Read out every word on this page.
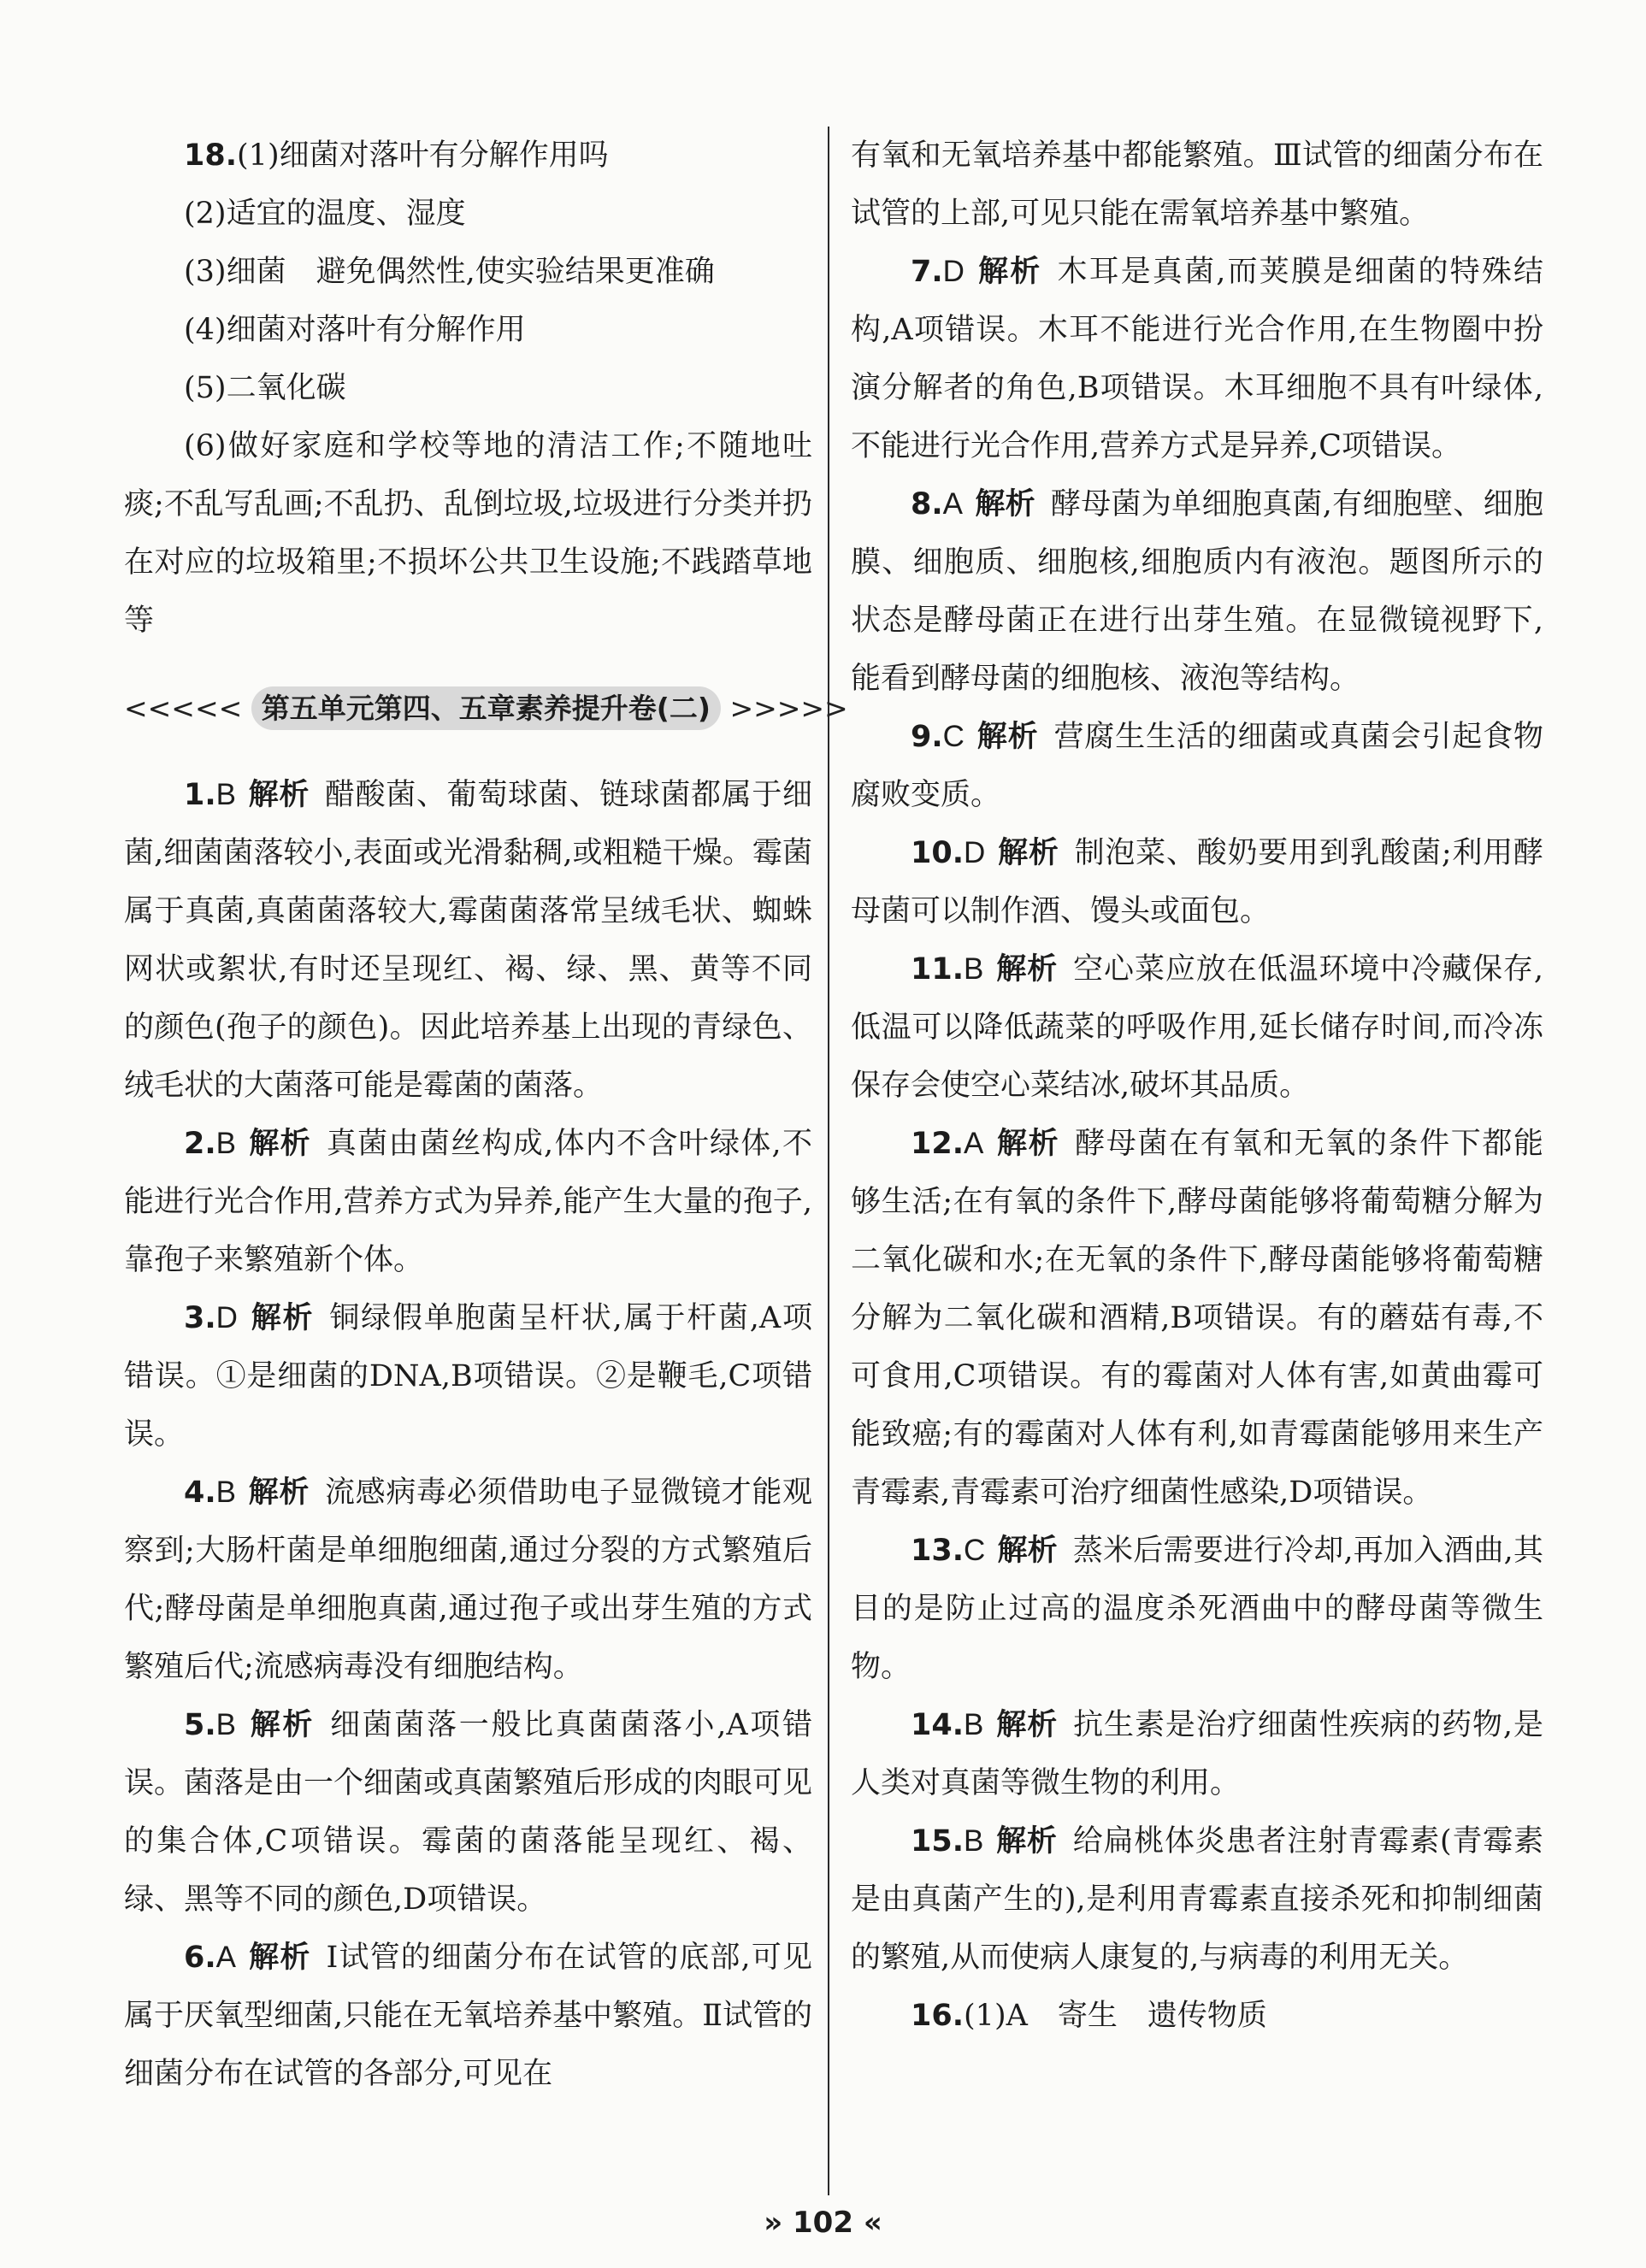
18.(1)细菌对落叶有分解作用吗

(2)适宜的温度、湿度

(3)细菌　避免偶然性,使实验结果更准确

(4)细菌对落叶有分解作用

(5)二氧化碳

(6)做好家庭和学校等地的清洁工作;不随地吐痰;不乱写乱画;不乱扔、乱倒垃圾,垃圾进行分类并扔在对应的垃圾箱里;不损坏公共卫生设施;不践踏草地等

<<<<< 第五单元第四、五章素养提升卷(二) >>>>>

1.B 解析 醋酸菌、葡萄球菌、链球菌都属于细菌,细菌菌落较小,表面或光滑黏稠,或粗糙干燥。霉菌属于真菌,真菌菌落较大,霉菌菌落常呈绒毛状、蜘蛛网状或絮状,有时还呈现红、褐、绿、黑、黄等不同的颜色(孢子的颜色)。因此培养基上出现的青绿色、绒毛状的大菌落可能是霉菌的菌落。

2.B 解析 真菌由菌丝构成,体内不含叶绿体,不能进行光合作用,营养方式为异养,能产生大量的孢子,靠孢子来繁殖新个体。

3.D 解析 铜绿假单胞菌呈杆状,属于杆菌,A项错误。①是细菌的DNA,B项错误。②是鞭毛,C项错误。

4.B 解析 流感病毒必须借助电子显微镜才能观察到;大肠杆菌是单细胞细菌,通过分裂的方式繁殖后代;酵母菌是单细胞真菌,通过孢子或出芽生殖的方式繁殖后代;流感病毒没有细胞结构。

5.B 解析 细菌菌落一般比真菌菌落小,A项错误。菌落是由一个细菌或真菌繁殖后形成的肉眼可见的集合体,C项错误。霉菌的菌落能呈现红、褐、绿、黑等不同的颜色,D项错误。

6.A 解析 Ⅰ试管的细菌分布在试管的底部,可见属于厌氧型细菌,只能在无氧培养基中繁殖。Ⅱ试管的细菌分布在试管的各部分,可见在

有氧和无氧培养基中都能繁殖。Ⅲ试管的细菌分布在试管的上部,可见只能在需氧培养基中繁殖。

7.D 解析 木耳是真菌,而荚膜是细菌的特殊结构,A项错误。木耳不能进行光合作用,在生物圈中扮演分解者的角色,B项错误。木耳细胞不具有叶绿体,不能进行光合作用,营养方式是异养,C项错误。

8.A 解析 酵母菌为单细胞真菌,有细胞壁、细胞膜、细胞质、细胞核,细胞质内有液泡。题图所示的状态是酵母菌正在进行出芽生殖。在显微镜视野下,能看到酵母菌的细胞核、液泡等结构。

9.C 解析 营腐生生活的细菌或真菌会引起食物腐败变质。

10.D 解析 制泡菜、酸奶要用到乳酸菌;利用酵母菌可以制作酒、馒头或面包。

11.B 解析 空心菜应放在低温环境中冷藏保存,低温可以降低蔬菜的呼吸作用,延长储存时间,而冷冻保存会使空心菜结冰,破坏其品质。

12.A 解析 酵母菌在有氧和无氧的条件下都能够生活;在有氧的条件下,酵母菌能够将葡萄糖分解为二氧化碳和水;在无氧的条件下,酵母菌能够将葡萄糖分解为二氧化碳和酒精,B项错误。有的蘑菇有毒,不可食用,C项错误。有的霉菌对人体有害,如黄曲霉可能致癌;有的霉菌对人体有利,如青霉菌能够用来生产青霉素,青霉素可治疗细菌性感染,D项错误。

13.C 解析 蒸米后需要进行冷却,再加入酒曲,其目的是防止过高的温度杀死酒曲中的酵母菌等微生物。

14.B 解析 抗生素是治疗细菌性疾病的药物,是人类对真菌等微生物的利用。

15.B 解析 给扁桃体炎患者注射青霉素(青霉素是由真菌产生的),是利用青霉素直接杀死和抑制细菌的繁殖,从而使病人康复的,与病毒的利用无关。

16.(1)A　寄生　遗传物质

» 102 «
